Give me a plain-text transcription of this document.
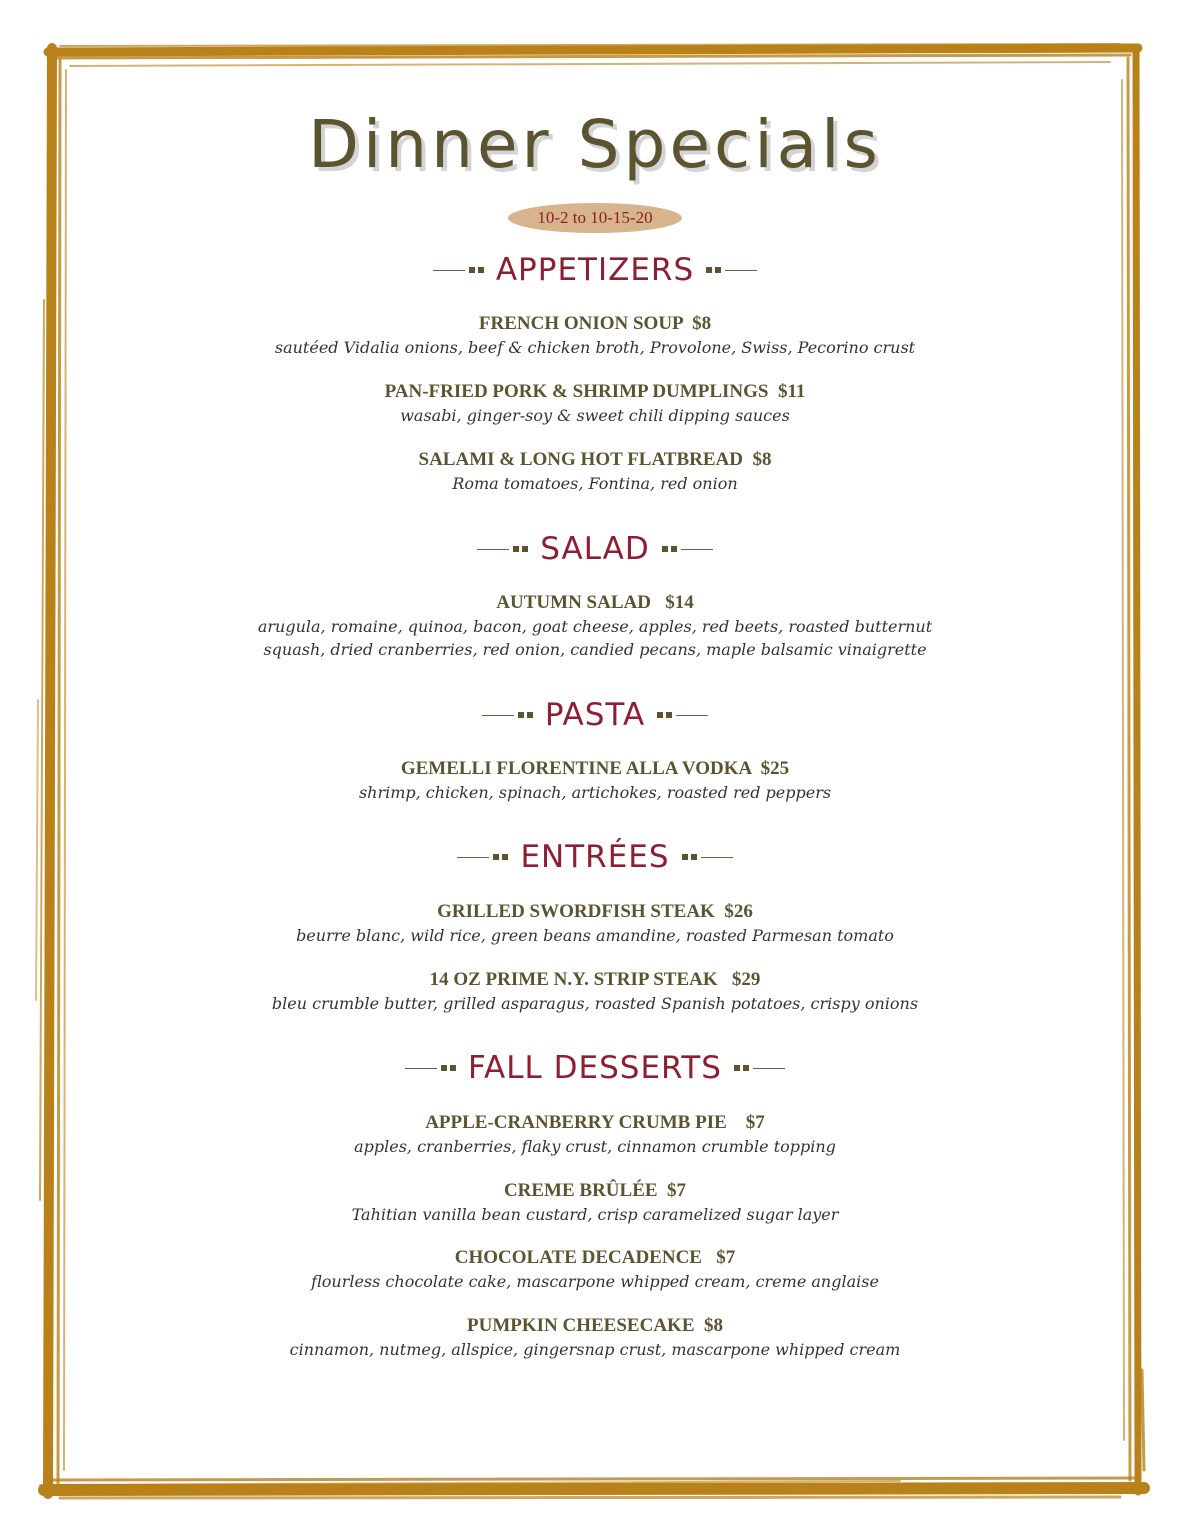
Dinner Specials
10-2 to 10-15-20
APPETIZERS
FRENCH ONION SOUP  $8
sautéed Vidalia onions, beef & chicken broth, Provolone, Swiss, Pecorino crust
PAN-FRIED PORK & SHRIMP DUMPLINGS  $11
wasabi, ginger-soy & sweet chili dipping sauces
SALAMI & LONG HOT FLATBREAD  $8
Roma tomatoes, Fontina, red onion
SALAD
AUTUMN SALAD   $14
arugula, romaine, quinoa, bacon, goat cheese, apples, red beets, roasted butternut
squash, dried cranberries, red onion, candied pecans, maple balsamic vinaigrette
PASTA
GEMELLI FLORENTINE ALLA VODKA  $25
shrimp, chicken, spinach, artichokes, roasted red peppers
ENTRÉES
GRILLED SWORDFISH STEAK  $26
beurre blanc, wild rice, green beans amandine, roasted Parmesan tomato
14 OZ PRIME N.Y. STRIP STEAK   $29
bleu crumble butter, grilled asparagus, roasted Spanish potatoes, crispy onions
FALL DESSERTS
APPLE-CRANBERRY CRUMB PIE    $7
apples, cranberries, flaky crust, cinnamon crumble topping
CREME BRÛLÉE  $7
Tahitian vanilla bean custard, crisp caramelized sugar layer
CHOCOLATE DECADENCE   $7
flourless chocolate cake, mascarpone whipped cream, creme anglaise
PUMPKIN CHEESECAKE  $8
cinnamon, nutmeg, allspice, gingersnap crust, mascarpone whipped cream
